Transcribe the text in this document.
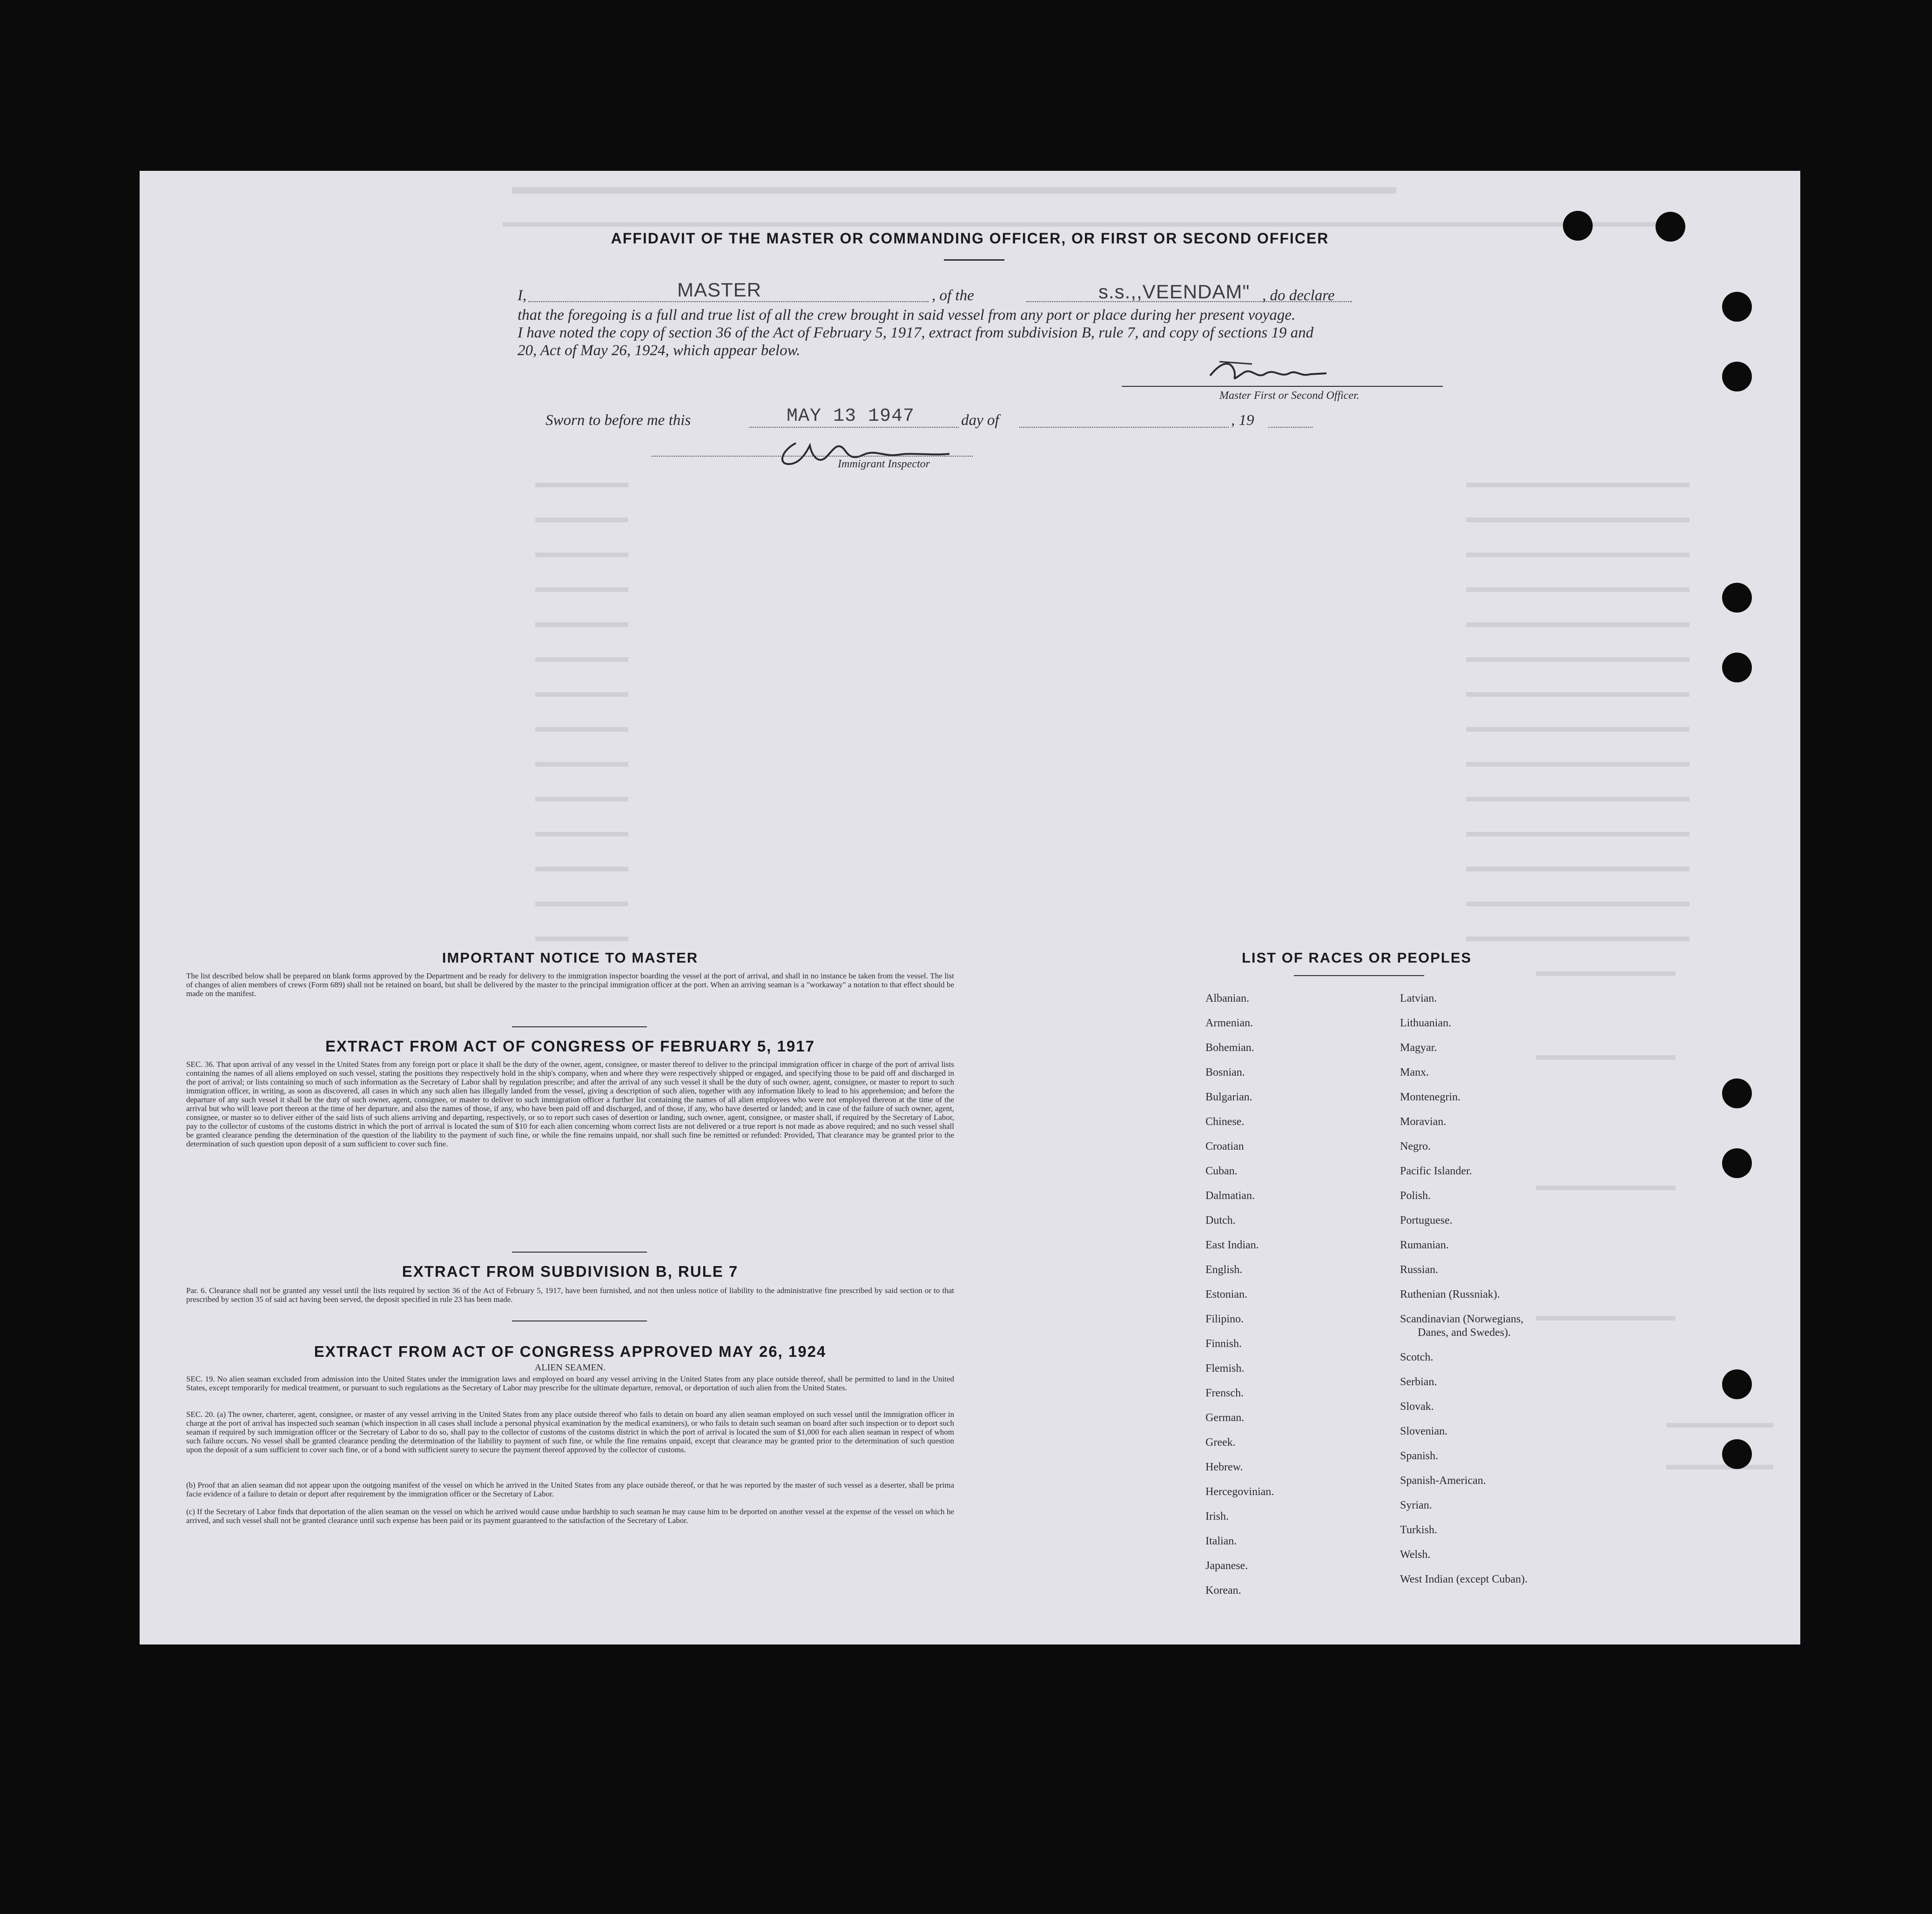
AFFIDAVIT OF THE MASTER OR COMMANDING OFFICER, OR FIRST OR SECOND OFFICER
I,	, of the	, do declare
MASTER	s.s.,,VEENDAM"
that the foregoing is a full and true list of all the crew brought in said vessel from any port or place during her present voyage.
I have noted the copy of section 36 of the Act of February 5, 1917, extract from subdivision B, rule 7, and copy of sections 19 and
20, Act of May 26, 1924, which appear below.
Master First or Second Officer.
Sworn to before me this	MAY 13 1947	day of	, 19
Immigrant Inspector
IMPORTANT NOTICE TO MASTER
The list described below shall be prepared on blank forms approved by the Department and be ready for delivery to the immigration inspector boarding the vessel at the port of arrival, and shall in no instance be taken from the vessel. The list of changes of alien members of crews (Form 689) shall not be retained on board, but shall be delivered by the master to the principal immigration officer at the port. When an arriving seaman is a "workaway" a notation to that effect should be made on the manifest.
EXTRACT FROM ACT OF CONGRESS OF FEBRUARY 5, 1917
SEC. 36. That upon arrival of any vessel in the United States from any foreign port or place it shall be the duty of the owner, agent, consignee, or master thereof to deliver to the principal immigration officer in charge of the port of arrival lists containing the names of all aliens employed on such vessel, stating the positions they respectively hold in the ship's company, when and where they were respectively shipped or engaged, and specifying those to be paid off and discharged in the port of arrival; or lists containing so much of such information as the Secretary of Labor shall by regulation prescribe; and after the arrival of any such vessel it shall be the duty of such owner, agent, consignee, or master to report to such immigration officer, in writing, as soon as discovered, all cases in which any such alien has illegally landed from the vessel, giving a description of such alien, together with any information likely to lead to his apprehension; and before the departure of any such vessel it shall be the duty of such owner, agent, consignee, or master to deliver to such immigration officer a further list containing the names of all alien employees who were not employed thereon at the time of the arrival but who will leave port thereon at the time of her departure, and also the names of those, if any, who have been paid off and discharged, and of those, if any, who have deserted or landed; and in case of the failure of such owner, agent, consignee, or master so to deliver either of the said lists of such aliens arriving and departing, respectively, or so to report such cases of desertion or landing, such owner, agent, consignee, or master shall, if required by the Secretary of Labor, pay to the collector of customs of the customs district in which the port of arrival is located the sum of $10 for each alien concerning whom correct lists are not delivered or a true report is not made as above required; and no such vessel shall be granted clearance pending the determination of the question of the liability to the payment of such fine, or while the fine remains unpaid, nor shall such fine be remitted or refunded: Provided, That clearance may be granted prior to the determination of such question upon deposit of a sum sufficient to cover such fine.
EXTRACT FROM SUBDIVISION B, RULE 7
Par. 6. Clearance shall not be granted any vessel until the lists required by section 36 of the Act of February 5, 1917, have been furnished, and not then unless notice of liability to the administrative fine prescribed by said section or to that prescribed by section 35 of said act having been served, the deposit specified in rule 23 has been made.
EXTRACT FROM ACT OF CONGRESS APPROVED MAY 26, 1924
ALIEN SEAMEN.
SEC. 19. No alien seaman excluded from admission into the United States under the immigration laws and employed on board any vessel arriving in the United States from any place outside thereof, shall be permitted to land in the United States, except temporarily for medical treatment, or pursuant to such regulations as the Secretary of Labor may prescribe for the ultimate departure, removal, or deportation of such alien from the United States.
SEC. 20. (a) The owner, charterer, agent, consignee, or master of any vessel arriving in the United States from any place outside thereof who fails to detain on board any alien seaman employed on such vessel until the immigration officer in charge at the port of arrival has inspected such seaman (which inspection in all cases shall include a personal physical examination by the medical examiners), or who fails to detain such seaman on board after such inspection or to deport such seaman if required by such immigration officer or the Secretary of Labor to do so, shall pay to the collector of customs of the customs district in which the port of arrival is located the sum of $1,000 for each alien seaman in respect of whom such failure occurs. No vessel shall be granted clearance pending the determination of the liability to payment of such fine, or while the fine remains unpaid, except that clearance may be granted prior to the determination of such question upon the deposit of a sum sufficient to cover such fine, or of a bond with sufficient surety to secure the payment thereof approved by the collector of customs.
(b) Proof that an alien seaman did not appear upon the outgoing manifest of the vessel on which he arrived in the United States from any place outside thereof, or that he was reported by the master of such vessel as a deserter, shall be prima facie evidence of a failure to detain or deport after requirement by the immigration officer or the Secretary of Labor.
(c) If the Secretary of Labor finds that deportation of the alien seaman on the vessel on which he arrived would cause undue hardship to such seaman he may cause him to be deported on another vessel at the expense of the vessel on which he arrived, and such vessel shall not be granted clearance until such expense has been paid or its payment guaranteed to the satisfaction of the Secretary of Labor.
LIST OF RACES OR PEOPLES
Albanian.
Armenian.
Bohemian.
Bosnian.
Bulgarian.
Chinese.
Croatian
Cuban.
Dalmatian.
Dutch.
East Indian.
English.
Estonian.
Filipino.
Finnish.
Flemish.
Frensch.
German.
Greek.
Hebrew.
Hercegovinian.
Irish.
Italian.
Japanese.
Korean.
Latvian.
Lithuanian.
Magyar.
Manx.
Montenegrin.
Moravian.
Negro.
Pacific Islander.
Polish.
Portuguese.
Rumanian.
Russian.
Ruthenian (Russniak).
Scandinavian (Norwegians,
Danes, and Swedes).
Scotch.
Serbian.
Slovak.
Slovenian.
Spanish.
Spanish-American.
Syrian.
Turkish.
Welsh.
West Indian (except Cuban).
